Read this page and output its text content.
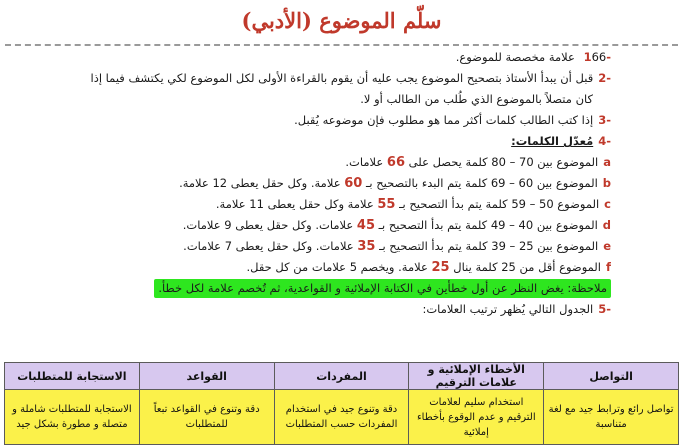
سلّم الموضوع (الأدبي)
-166 علامة مخصصة للموضوع.
-2قبل أن يبدأ الأستاذ بتصحيح الموضوع يجب عليه أن يقوم بالقراءة الأولى لكل الموضوع لكي يكتشف فيما إذا
كان متصلاً بالموضوع الذي طُلب من الطالب أو لا.
-3إذا كتب الطالب كلمات أكثر مما هو مطلوب فإن موضوعه يُقبل.
-4مُعدّل الكلمات:
aالموضوع بين 70 – 80 كلمة يحصل على 66 علامات.
bالموضوع بين 60 – 69 كلمة يتم البدء بالتصحيح بـ 60 علامة. وكل حقل يعطى 12 علامة.
cالموضوع 50 – 59 كلمة يتم بدأ التصحيح بـ 55 علامة وكل حقل يعطى 11 علامة.
dالموضوع بين 40 – 49 كلمة يتم بدأ التصحيح بـ 45 علامات. وكل حقل يعطى 9 علامات.
eالموضوع بين 25 – 39 كلمة يتم بدأ التصحيح بـ 35 علامات. وكل حقل يعطى 7 علامات.
fالموضوع أقل من 25 كلمة ينال 25 علامة. ويخصم 5 علامات من كل حقل.
ملاحظة: يغض النظر عن أول خطأين في الكتابة الإملائية و القواعدية، ثم تُخصم علامة لكل خطأ.
-5الجدول التالي يُظهر ترتيب العلامات:
التواصل	الأخطاء الإملائية و علامات الترقيم	المفردات	القواعد	الاستجابة للمتطلبات
تواصل رائع وترابط جيد مع لغة متناسبة	استخدام سليم لعلامات الترقيم و عدم الوقوع بأخطاء إملائية	دقة وتنوع جيد في استخدام المفردات حسب المتطلبات	دقة وتنوع في القواعد تبعاً للمتطلبات	الاستجابة للمتطلبات شاملة و متصلة و مطورة بشكل جيد
